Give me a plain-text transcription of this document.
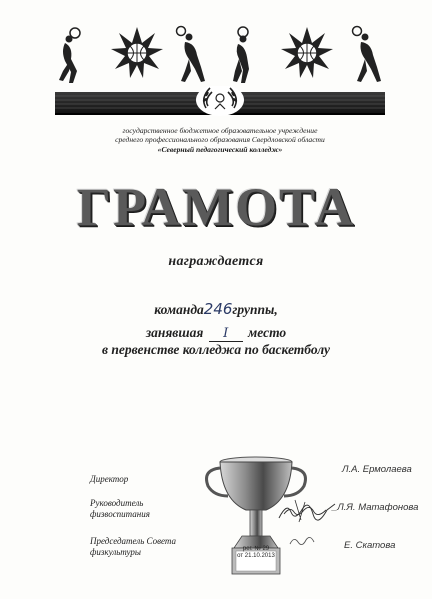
государственное бюджетное образовательное учреждение
среднего профессионального образования Свердловской области
«Северный педагогический колледж»
ГРАМОТА
награждается
команда246группы,
занявшая I место
в первенстве колледжа по баскетболу
рег. № 29
от 21.10.2013
Директор
Л.А. Ермолаева
Руководитель физвоспитания
_Л.Я. Матафонова
Председатель Совета физкультуры
Е. Скатова
